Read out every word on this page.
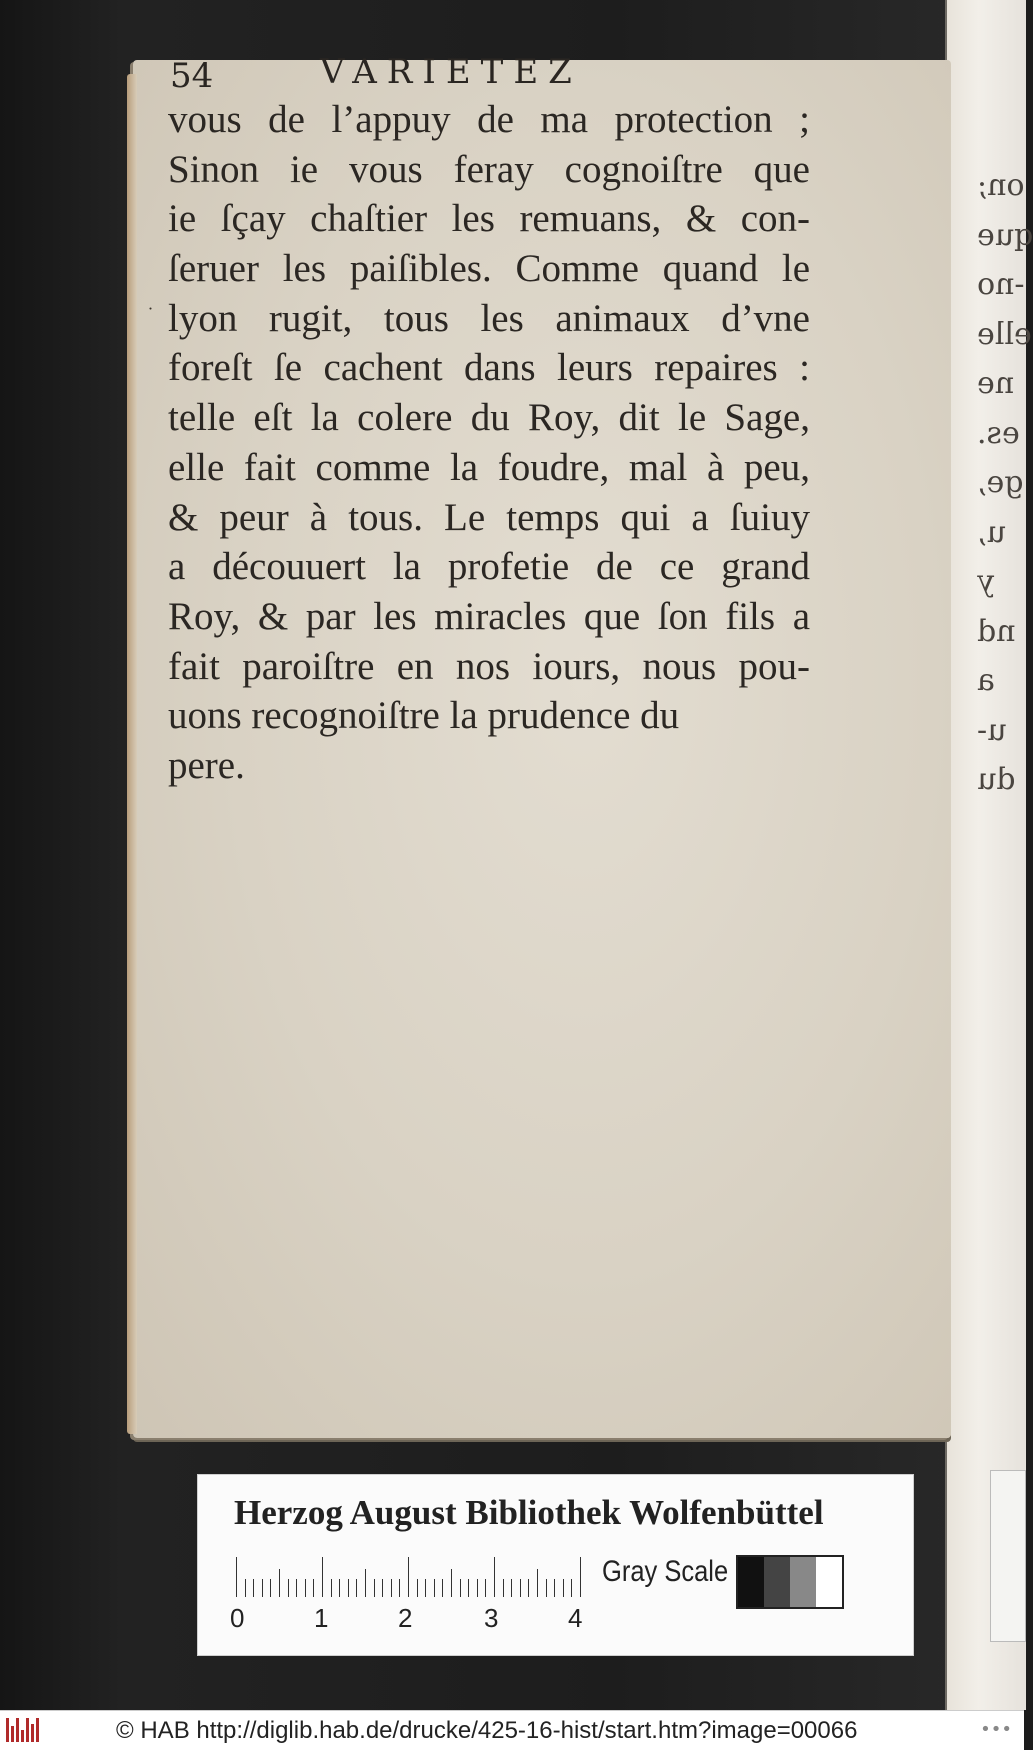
on;
que
-no
elle
ne
es.
ge,
u,
y
nd
a
u-
du
54	VARIETEZ
˙
vous de l’appuy de ma protection ;
Sinon ie vous feray cognoiſtre que
ie ſçay chaſtier les remuans, & con-
ſeruer les paiſibles. Comme quand le
lyon rugit, tous les animaux d’vne
foreſt ſe cachent dans leurs repaires :
telle eſt la colere du Roy, dit le Sage,
elle fait comme la foudre, mal à peu,
& peur à tous. Le temps qui a ſuiuy
a découuert la profetie de ce grand
Roy, & par les miracles que ſon fils a
fait paroiſtre en nos iours, nous pou-
uons recognoiſtre la prudence du
pere.
Herzog August Bibliothek Wolfenbüttel
0	1	2	3	4
Gray Scale
© HAB http://diglib.hab.de/drucke/425-16-hist/start.htm?image=00066	•••
